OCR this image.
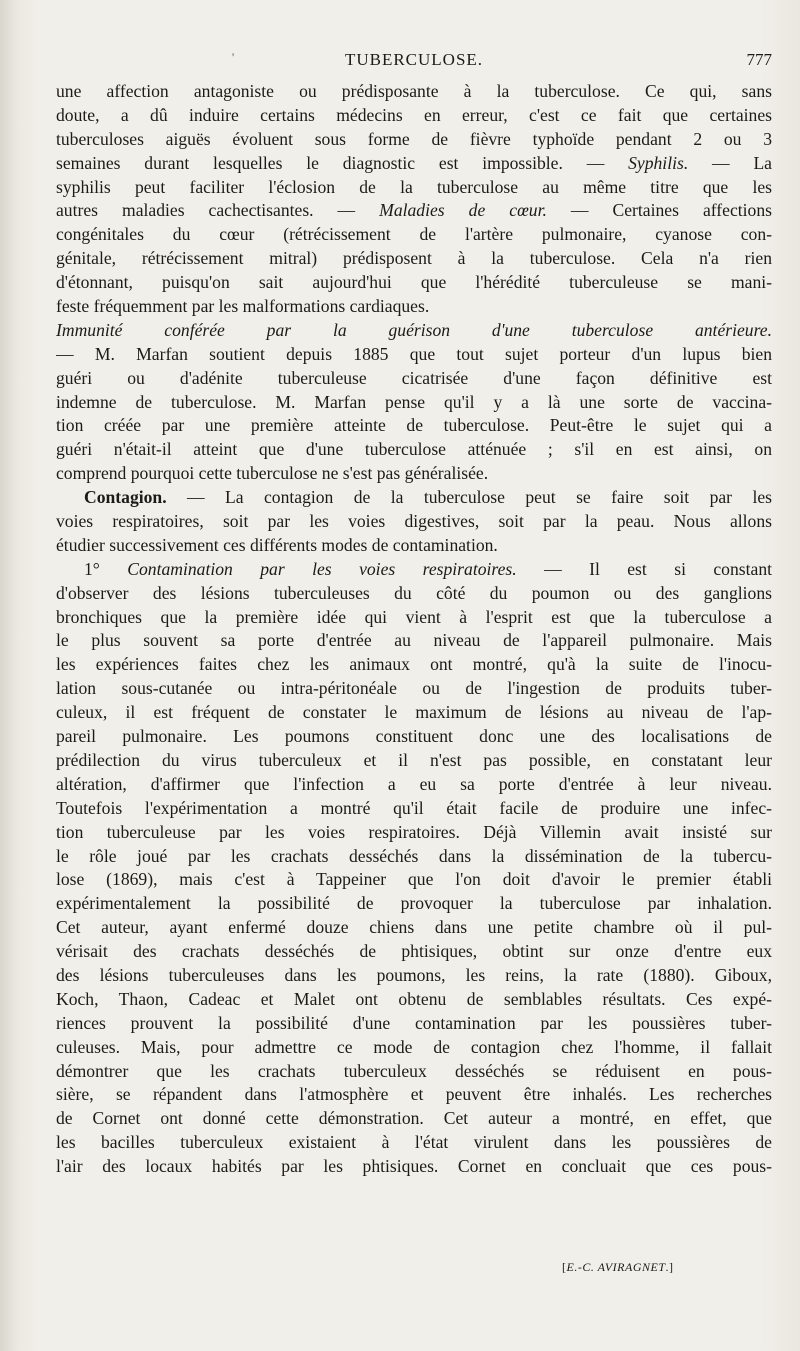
'	TUBERCULOSE.	777
une affection antagoniste ou prédisposante à la tuberculose. Ce qui, sans
doute, a dû induire certains médecins en erreur, c'est ce fait que certaines
tuberculoses aiguës évoluent sous forme de fièvre typhoïde pendant 2 ou 3
semaines durant lesquelles le diagnostic est impossible. — Syphilis. — La
syphilis peut faciliter l'éclosion de la tuberculose au même titre que les
autres maladies cachectisantes. — Maladies de cœur. — Certaines affections
congénitales du cœur (rétrécissement de l'artère pulmonaire, cyanose con-
génitale, rétrécissement mitral) prédisposent à la tuberculose. Cela n'a rien
d'étonnant, puisqu'on sait aujourd'hui que l'hérédité tuberculeuse se mani-
feste fréquemment par les malformations cardiaques.
Immunité conférée par la guérison d'une tuberculose antérieure.
— M. Marfan soutient depuis 1885 que tout sujet porteur d'un lupus bien
guéri ou d'adénite tuberculeuse cicatrisée d'une façon définitive est
indemne de tuberculose. M. Marfan pense qu'il y a là une sorte de vaccina-
tion créée par une première atteinte de tuberculose. Peut-être le sujet qui a
guéri n'était-il atteint que d'une tuberculose atténuée ; s'il en est ainsi, on
comprend pourquoi cette tuberculose ne s'est pas généralisée.
Contagion. — La contagion de la tuberculose peut se faire soit par les
voies respiratoires, soit par les voies digestives, soit par la peau. Nous allons
étudier successivement ces différents modes de contamination.
1° Contamination par les voies respiratoires. — Il est si constant
d'observer des lésions tuberculeuses du côté du poumon ou des ganglions
bronchiques que la première idée qui vient à l'esprit est que la tuberculose a
le plus souvent sa porte d'entrée au niveau de l'appareil pulmonaire. Mais
les expériences faites chez les animaux ont montré, qu'à la suite de l'inocu-
lation sous-cutanée ou intra-péritonéale ou de l'ingestion de produits tuber-
culeux, il est fréquent de constater le maximum de lésions au niveau de l'ap-
pareil pulmonaire. Les poumons constituent donc une des localisations de
prédilection du virus tuberculeux et il n'est pas possible, en constatant leur
altération, d'affirmer que l'infection a eu sa porte d'entrée à leur niveau.
Toutefois l'expérimentation a montré qu'il était facile de produire une infec-
tion tuberculeuse par les voies respiratoires. Déjà Villemin avait insisté sur
le rôle joué par les crachats desséchés dans la dissémination de la tubercu-
lose (1869), mais c'est à Tappeiner que l'on doit d'avoir le premier établi
expérimentalement la possibilité de provoquer la tuberculose par inhalation.
Cet auteur, ayant enfermé douze chiens dans une petite chambre où il pul-
vérisait des crachats desséchés de phtisiques, obtint sur onze d'entre eux
des lésions tuberculeuses dans les poumons, les reins, la rate (1880). Giboux,
Koch, Thaon, Cadeac et Malet ont obtenu de semblables résultats. Ces expé-
riences prouvent la possibilité d'une contamination par les poussières tuber-
culeuses. Mais, pour admettre ce mode de contagion chez l'homme, il fallait
démontrer que les crachats tuberculeux desséchés se réduisent en pous-
sière, se répandent dans l'atmosphère et peuvent être inhalés. Les recherches
de Cornet ont donné cette démonstration. Cet auteur a montré, en effet, que
les bacilles tuberculeux existaient à l'état virulent dans les poussières de
l'air des locaux habités par les phtisiques. Cornet en concluait que ces pous-
[E.-C. AVIRAGNET.]
